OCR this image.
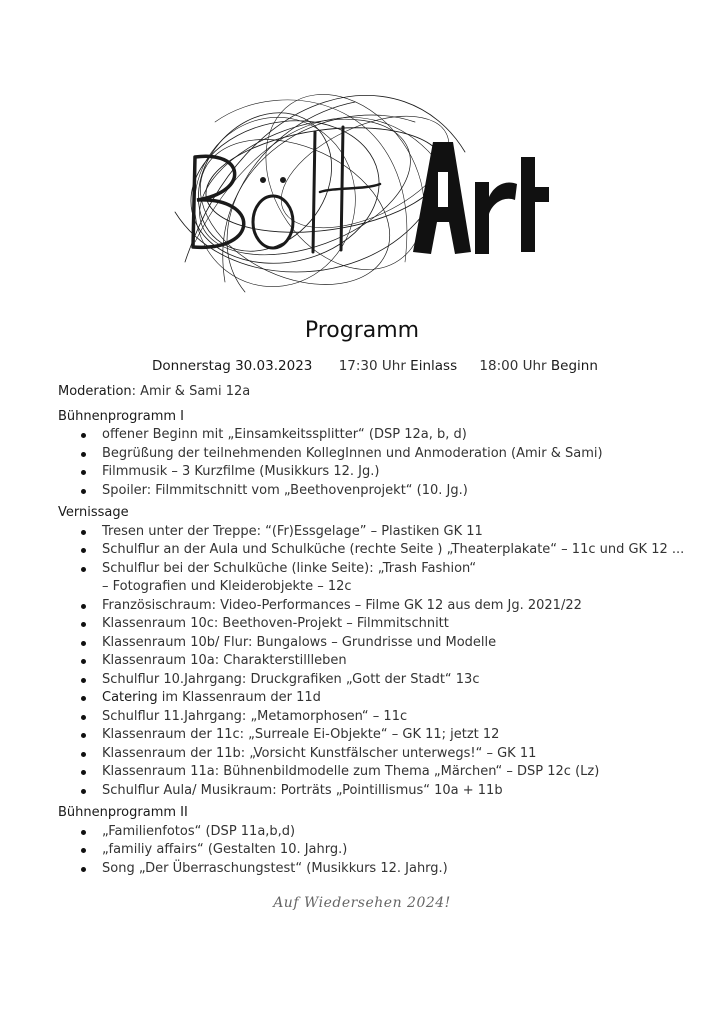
Programm
Donnerstag 30.03.2023 17:30 Uhr Einlass 18:00 Uhr Beginn
Moderation: Amir & Sami 12a
Bühnenprogramm I
offener Beginn mit „Einsamkeitssplitter“ (DSP 12a, b, d)
Begrüßung der teilnehmenden KollegInnen und Anmoderation (Amir & Sami)
Filmmusik – 3 Kurzfilme (Musikkurs 12. Jg.)
Spoiler: Filmmitschnitt vom „Beethovenprojekt“ (10. Jg.)
Vernissage
Tresen unter der Treppe: “(Fr)Essgelage” – Plastiken GK 11
Schulflur an der Aula und Schulküche (rechte Seite ) „Theaterplakate“ – 11c und GK 12 ...
Schulflur bei der Schulküche (linke Seite): „Trash Fashion“
– Fotografien und Kleiderobjekte – 12c
Französischraum: Video-Performances – Filme GK 12 aus dem Jg. 2021/22
Klassenraum 10c: Beethoven-Projekt – Filmmitschnitt
Klassenraum 10b/ Flur: Bungalows – Grundrisse und Modelle
Klassenraum 10a: Charakterstillleben
Schulflur 10.Jahrgang: Druckgrafiken „Gott der Stadt“ 13c
Catering im Klassenraum der 11d
Schulflur 11.Jahrgang: „Metamorphosen“ – 11c
Klassenraum der 11c: „Surreale Ei-Objekte“ – GK 11; jetzt 12
Klassenraum der 11b: „Vorsicht Kunstfälscher unterwegs!“ – GK 11
Klassenraum 11a: Bühnenbildmodelle zum Thema „Märchen“ – DSP 12c (Lz)
Schulflur Aula/ Musikraum: Porträts „Pointillismus“ 10a + 11b
Bühnenprogramm II
„Familienfotos“ (DSP 11a,b,d)
„familiy affairs“ (Gestalten 10. Jahrg.)
Song „Der Überraschungstest“ (Musikkurs 12. Jahrg.)
Auf Wiedersehen 2024!
